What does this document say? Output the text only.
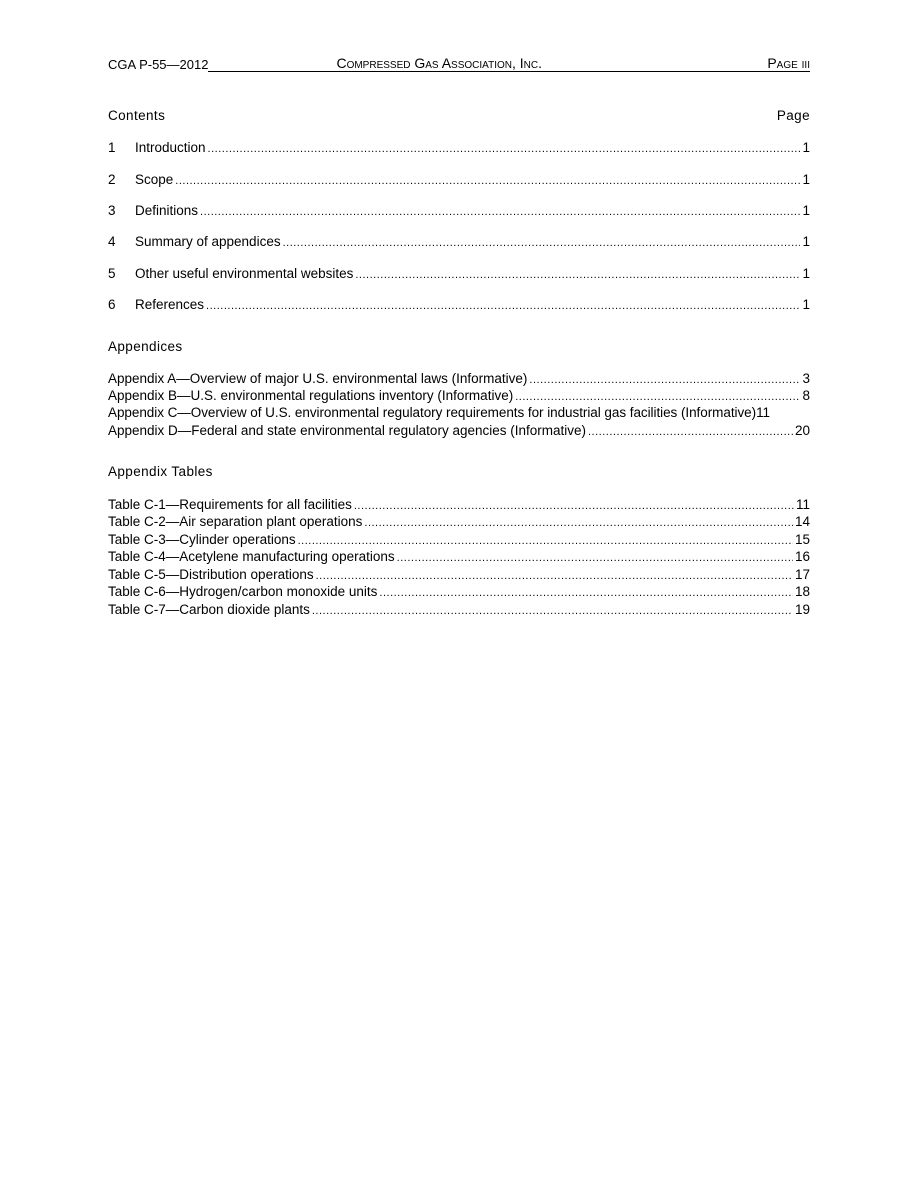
CGA P-55—2012	Compressed Gas Association, Inc.	Page iii
Contents	Page
1	Introduction .....	1
2	Scope .....	1
3	Definitions .....	1
4	Summary of appendices .....	1
5	Other useful environmental websites .....	1
6	References .....	1
Appendices
Appendix A—Overview of major U.S. environmental laws (Informative) .....	3
Appendix B—U.S. environmental regulations inventory (Informative) .....	8
Appendix C—Overview of U.S. environmental regulatory requirements for industrial gas facilities (Informative) 11
Appendix D—Federal and state environmental regulatory agencies (Informative) .....	20
Appendix Tables
Table C-1—Requirements for all facilities .....	11
Table C-2—Air separation plant operations .....	14
Table C-3—Cylinder operations .....	15
Table C-4—Acetylene manufacturing operations .....	16
Table C-5—Distribution operations .....	17
Table C-6—Hydrogen/carbon monoxide units .....	18
Table C-7—Carbon dioxide plants .....	19
